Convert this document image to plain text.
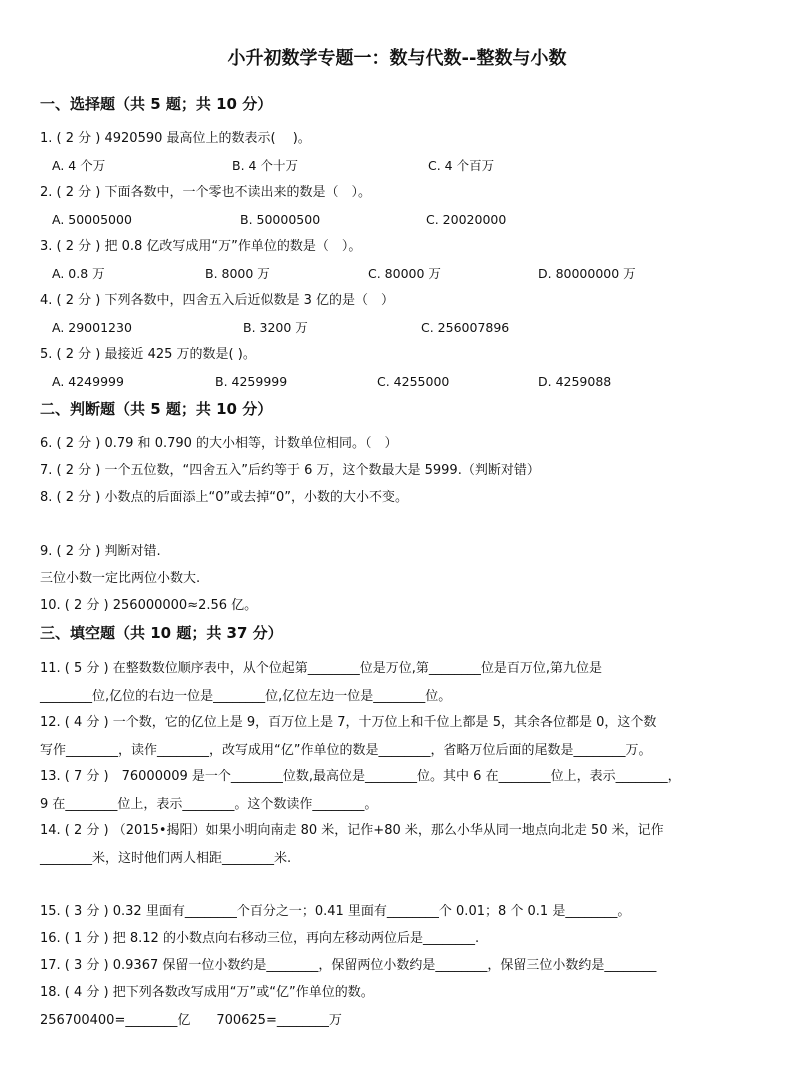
小升初数学专题一：数与代数--整数与小数
一、选择题（共 5 题；共 10 分）
1. ( 2 分 ) 4920590 最高位上的数表示(　 )。
A. 4 个万	B. 4 个十万	C. 4 个百万
2. ( 2 分 ) 下面各数中，一个零也不读出来的数是（　）。
A. 50005000	B. 50000500	C. 20020000
3. ( 2 分 ) 把 0.8 亿改写成用“万”作单位的数是（　）。
A. 0.8 万	B. 8000 万	C. 80000 万	D. 80000000 万
4. ( 2 分 ) 下列各数中，四舍五入后近似数是 3 亿的是（　）
A. 29001230	B. 3200 万	C. 256007896
5. ( 2 分 ) 最接近 425 万的数是( )。
A. 4249999	B. 4259999	C. 4255000	D. 4259088
二、判断题（共 5 题；共 10 分）
6. ( 2 分 ) 0.79 和 0.790 的大小相等，计数单位相同。（　）
7. ( 2 分 ) 一个五位数，“四舍五入”后约等于 6 万，这个数最大是 5999.（判断对错）
8. ( 2 分 ) 小数点的后面添上“0”或去掉“0”，小数的大小不变。
9. ( 2 分 ) 判断对错.
三位小数一定比两位小数大.
10. ( 2 分 ) 256000000≈2.56 亿。
三、填空题（共 10 题；共 37 分）
11. ( 5 分 ) 在整数数位顺序表中，从个位起第________位是万位,第________位是百万位,第九位是
________位,亿位的右边一位是________位,亿位左边一位是________位。
12. ( 4 分 ) 一个数，它的亿位上是 9，百万位上是 7，十万位上和千位上都是 5，其余各位都是 0，这个数
写作________，读作________，改写成用“亿”作单位的数是________，省略万位后面的尾数是________万。
13. ( 7 分 )　76000009 是一个________位数,最高位是________位。其中 6 在________位上，表示________，
9 在________位上，表示________。这个数读作________。
14. ( 2 分 ) （2015•揭阳）如果小明向南走 80 米，记作+80 米，那么小华从同一地点向北走 50 米，记作
________米，这时他们两人相距________米.
15. ( 3 分 ) 0.32 里面有________个百分之一；0.41 里面有________个 0.01；8 个 0.1 是________。
16. ( 1 分 ) 把 8.12 的小数点向右移动三位，再向左移动两位后是________.
17. ( 3 分 ) 0.9367 保留一位小数约是________，保留两位小数约是________，保留三位小数约是________
18. ( 4 分 ) 把下列各数改写成用“万”或“亿”作单位的数。
256700400=________亿　　700625=________万
